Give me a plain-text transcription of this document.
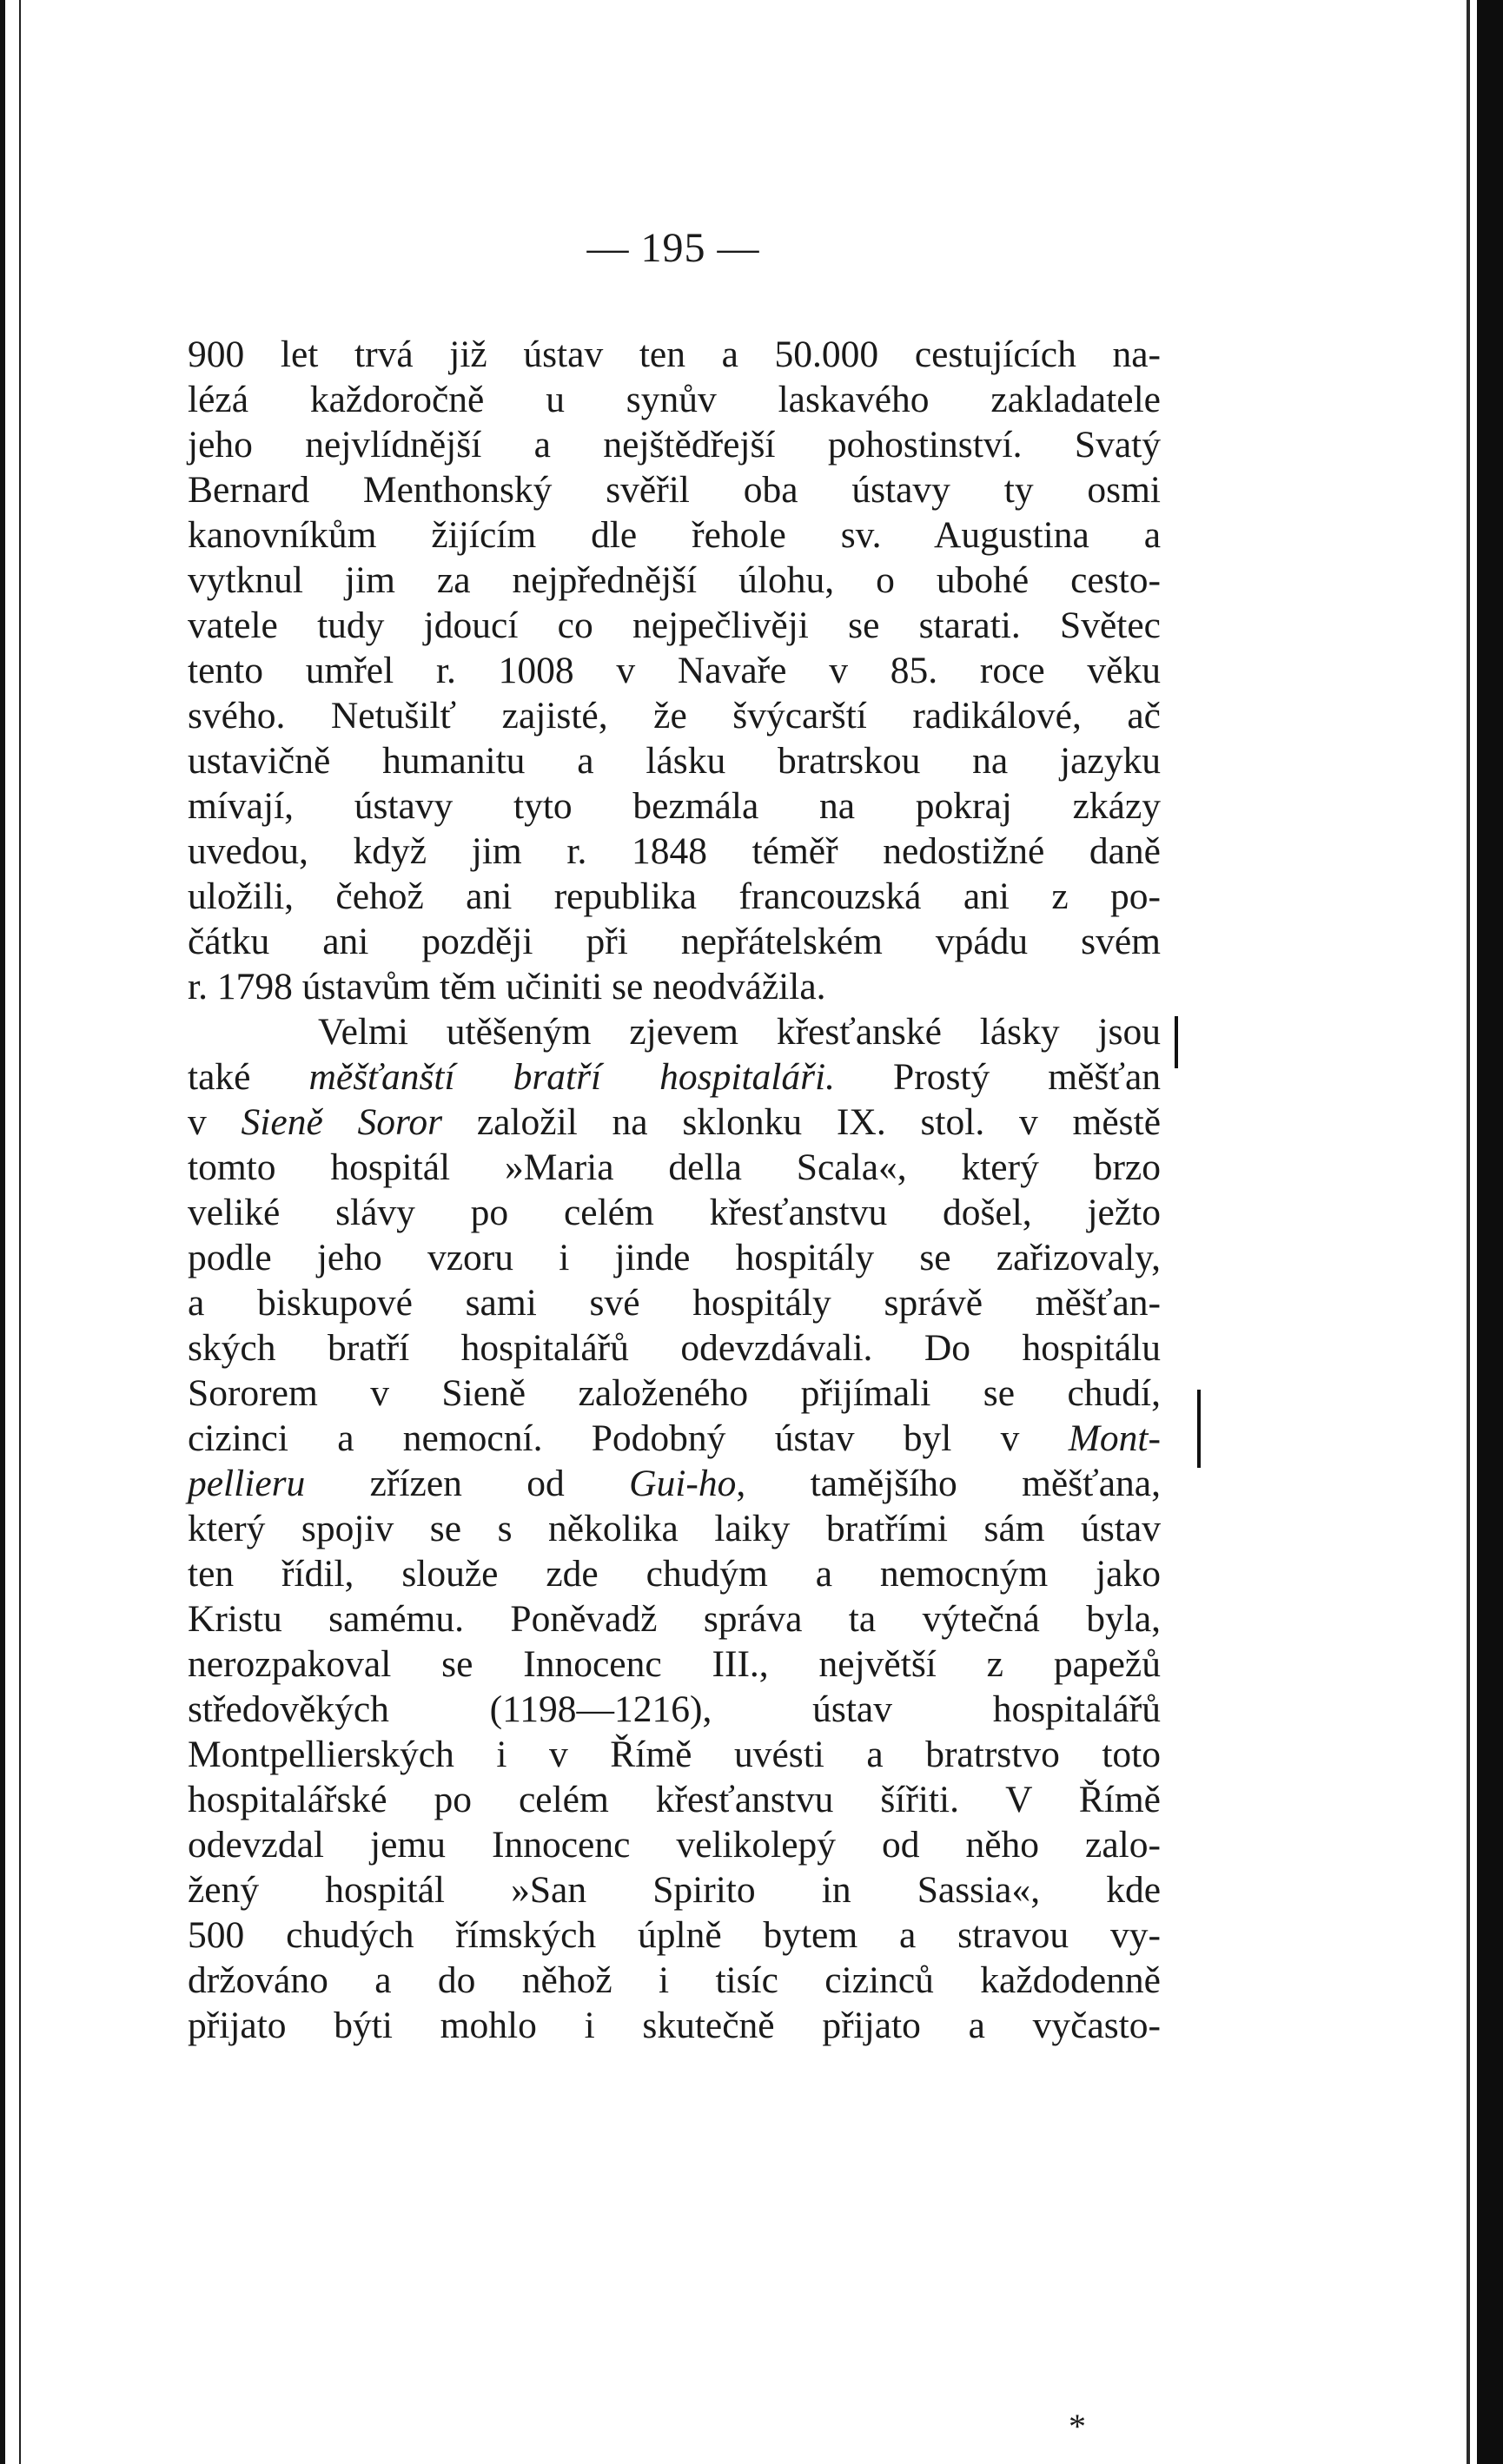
— 195 —
900 let trvá již ústav ten a 50.000 cestujících na-
lézá každoročně u synův laskavého zakladatele
jeho nejvlídnější a nejštědřejší pohostinství. Svatý
Bernard Menthonský svěřil oba ústavy ty osmi
kanovníkům žijícím dle řehole sv. Augustina a
vytknul jim za nejpřednější úlohu, o ubohé cesto-
vatele tudy jdoucí co nejpečlivěji se starati. Světec
tento umřel r. 1008 v Navaře v 85. roce věku
svého. Netušilť zajisté, že švýcarští radikálové, ač
ustavičně humanitu a lásku bratrskou na jazyku
mívají, ústavy tyto bezmála na pokraj zkázy
uvedou, když jim r. 1848 téměř nedostižné daně
uložili, čehož ani republika francouzská ani z po-
čátku ani později při nepřátelském vpádu svém
r. 1798 ústavům těm učiniti se neodvážila.
Velmi utěšeným zjevem křesťanské lásky jsou
také měšťanští bratří hospitaláři. Prostý měšťan
v Sieně Soror založil na sklonku IX. stol. v městě
tomto hospitál »Maria della Scala«, který brzo
veliké slávy po celém křesťanstvu došel, ježto
podle jeho vzoru i jinde hospitály se zařizovaly,
a biskupové sami své hospitály správě měšťan-
ských bratří hospitalářů odevzdávali. Do hospitálu
Sororem v Sieně založeného přijímali se chudí,
cizinci a nemocní. Podobný ústav byl v Mont-
pellieru zřízen od Gui-ho, tamějšího měšťana,
který spojiv se s několika laiky bratřími sám ústav
ten řídil, slouže zde chudým a nemocným jako
Kristu samému. Poněvadž správa ta výtečná byla,
nerozpakoval se Innocenc III., největší z papežů
středověkých (1198—1216), ústav hospitalářů
Montpellierských i v Římě uvésti a bratrstvo toto
hospitalářské po celém křesťanstvu šířiti. V Římě
odevzdal jemu Innocenc velikolepý od něho zalo-
žený hospitál »San Spirito in Sassia«, kde
500 chudých římských úplně bytem a stravou vy-
držováno a do něhož i tisíc cizinců každodenně
přijato býti mohlo i skutečně přijato a vyčasto-
*
